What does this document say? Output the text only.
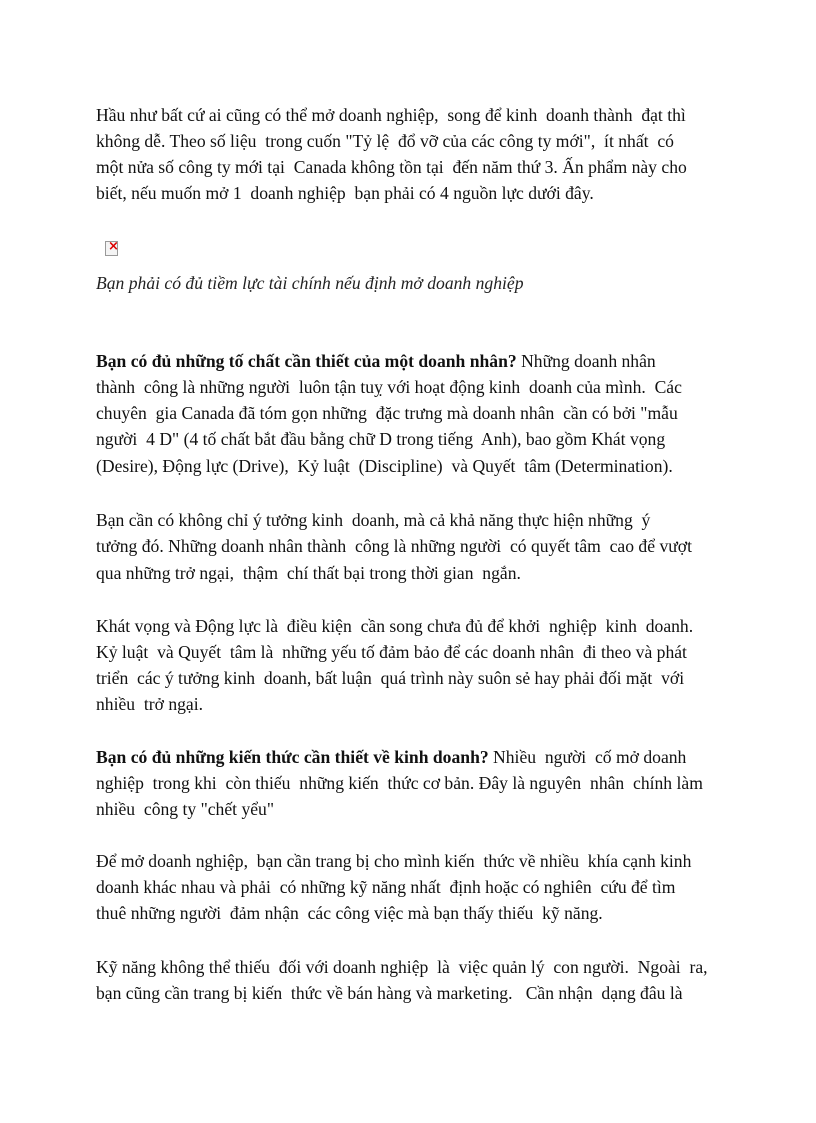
Hầu như bất cứ ai cũng có thể mở doanh nghiệp,  song để kinh  doanh thành  đạt thì
không dễ. Theo số liệu  trong cuốn "Tỷ lệ  đổ vỡ của các công ty mới",  ít nhất  có
một nửa số công ty mới tại  Canada không tồn tại  đến năm thứ 3. Ấn phẩm này cho
biết, nếu muốn mở 1  doanh nghiệp  bạn phải có 4 nguồn lực dưới đây.
Bạn có đủ những tố chất cần thiết của một doanh nhân? Những doanh nhân
thành  công là những người  luôn tận tuỵ với hoạt động kinh  doanh của mình.  Các
chuyên  gia Canada đã tóm gọn những  đặc trưng mà doanh nhân  cần có bởi "mẫu
người  4 D" (4 tố chất bắt đầu bằng chữ D trong tiếng  Anh), bao gồm Khát vọng
(Desire), Động lực (Drive),  Kỷ luật  (Discipline)  và Quyết  tâm (Determination).
Bạn cần có không chỉ ý tưởng kinh  doanh, mà cả khả năng thực hiện những  ý
tưởng đó. Những doanh nhân thành  công là những người  có quyết tâm  cao để vượt
qua những trở ngại,  thậm  chí thất bại trong thời gian  ngắn.
Khát vọng và Động lực là  điều kiện  cần song chưa đủ để khởi  nghiệp  kinh  doanh.
Kỷ luật  và Quyết  tâm là  những yếu tố đảm bảo để các doanh nhân  đi theo và phát
triển  các ý tưởng kinh  doanh, bất luận  quá trình này suôn sẻ hay phải đối mặt  với
nhiều  trở ngại.
Bạn có đủ những kiến thức cần thiết về kinh doanh? Nhiều  người  cố mở doanh
nghiệp  trong khi  còn thiếu  những kiến  thức cơ bản. Đây là nguyên  nhân  chính làm
nhiều  công ty "chết yểu"
Để mở doanh nghiệp,  bạn cần trang bị cho mình kiến  thức về nhiều  khía cạnh kinh
doanh khác nhau và phải  có những kỹ năng nhất  định hoặc có nghiên  cứu để tìm
thuê những người  đảm nhận  các công việc mà bạn thấy thiếu  kỹ năng.
Kỹ năng không thể thiếu  đối với doanh nghiệp  là  việc quản lý  con người.  Ngoài  ra,
bạn cũng cần trang bị kiến  thức về bán hàng và marketing.   Cần nhận  dạng đâu là
×
Bạn phải có đủ tiềm lực tài chính nếu định mở doanh nghiệp
